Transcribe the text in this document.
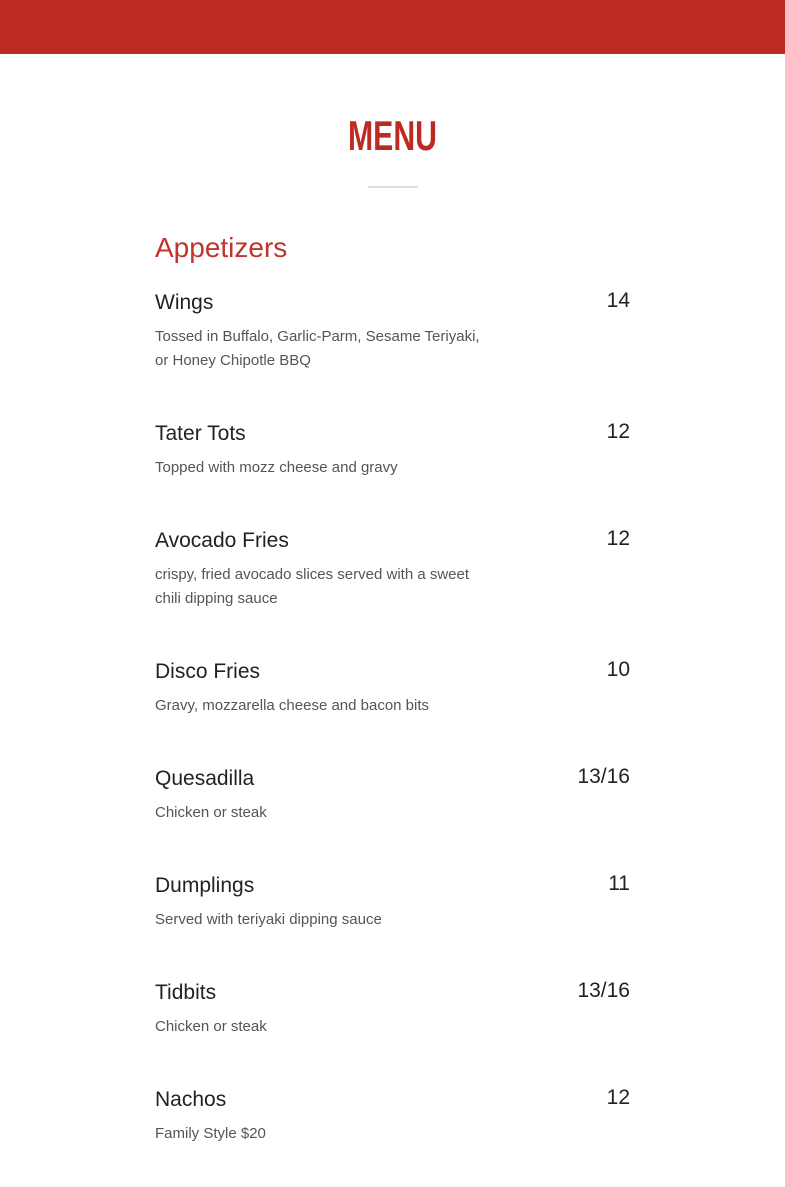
MENU
Appetizers
Wings	14
Tossed in Buffalo, Garlic-Parm, Sesame Teriyaki, or Honey Chipotle BBQ
Tater Tots	12
Topped with mozz cheese and gravy
Avocado Fries	12
crispy, fried avocado slices served with a sweet chili dipping sauce
Disco Fries	10
Gravy, mozzarella cheese and bacon bits
Quesadilla	13/16
Chicken or steak
Dumplings	11
Served with teriyaki dipping sauce
Tidbits	13/16
Chicken or steak
Nachos	12
Family Style $20
